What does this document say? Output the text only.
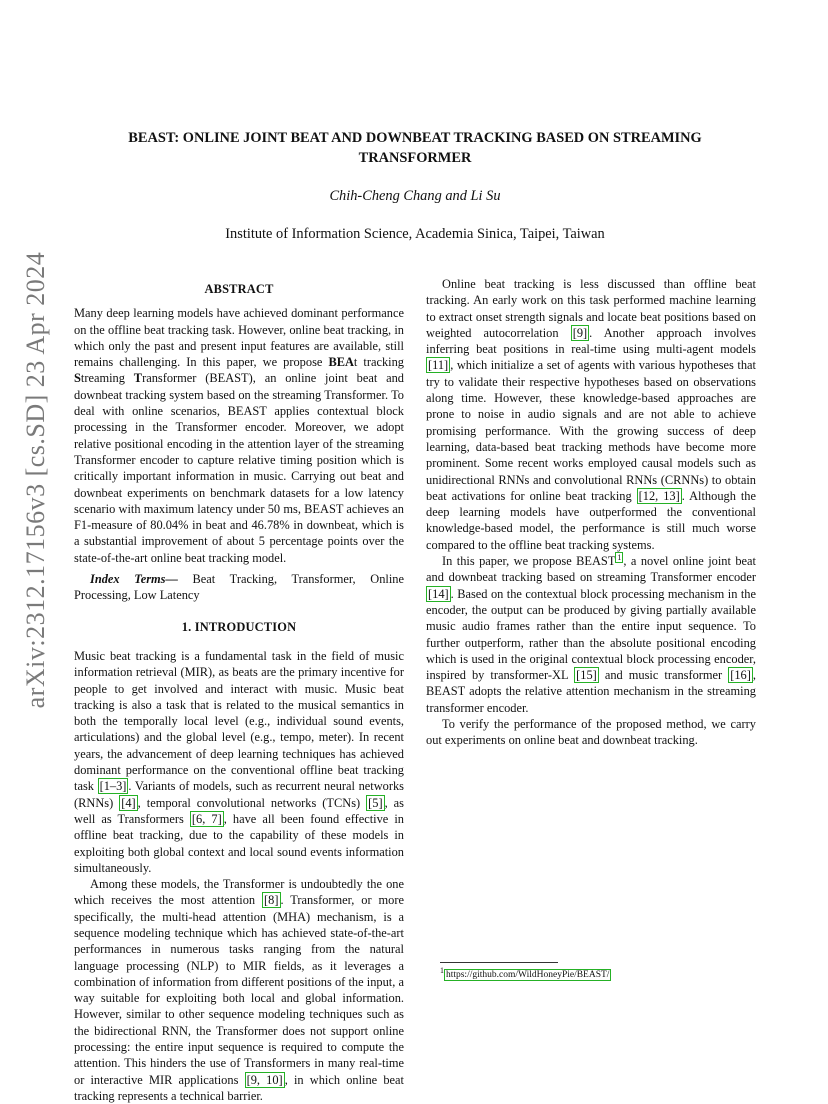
arXiv:2312.17156v3 [cs.SD] 23 Apr 2024
BEAST: ONLINE JOINT BEAT AND DOWNBEAT TRACKING BASED ON STREAMING TRANSFORMER
Chih-Cheng Chang and Li Su
Institute of Information Science, Academia Sinica, Taipei, Taiwan
ABSTRACT

Many deep learning models have achieved dominant performance on the offline beat tracking task. However, online beat tracking, in which only the past and present input features are available, still remains challenging. In this paper, we propose BEAt tracking Streaming Transformer (BEAST), an online joint beat and downbeat tracking system based on the streaming Transformer. To deal with online scenarios, BEAST applies contextual block processing in the Transformer encoder. Moreover, we adopt relative positional encoding in the attention layer of the streaming Transformer encoder to capture relative timing position which is critically important information in music. Carrying out beat and downbeat experiments on benchmark datasets for a low latency scenario with maximum latency under 50 ms, BEAST achieves an F1-measure of 80.04% in beat and 46.78% in downbeat, which is a substantial improvement of about 5 percentage points over the state-of-the-art online beat tracking model.

Index Terms— Beat Tracking, Transformer, Online Processing, Low Latency

1. INTRODUCTION

Music beat tracking is a fundamental task in the field of music information retrieval (MIR), as beats are the primary incentive for people to get involved and interact with music. Music beat tracking is also a task that is related to the musical semantics in both the temporally local level (e.g., individual sound events, articulations) and the global level (e.g., tempo, meter). In recent years, the advancement of deep learning techniques has achieved dominant performance on the conventional offline beat tracking task [1–3] . Variants of models, such as recurrent neural networks (RNNs) [4] , temporal convolutional networks (TCNs) [5] , as well as Transformers [6, 7] , have all been found effective in offline beat tracking, due to the capability of these models in exploiting both global context and local sound events information simultaneously.

Among these models, the Transformer is undoubtedly the one which receives the most attention [8] . Transformer, or more specifically, the multi-head attention (MHA) mechanism, is a sequence modeling technique which has achieved state-of-the-art performances in numerous tasks ranging from the natural language processing (NLP) to MIR fields, as it leverages a combination of information from different positions of the input, a way suitable for exploiting both local and global information. However, similar to other sequence modeling techniques such as the bidirectional RNN, the Transformer does not support online processing: the entire input sequence is required to compute the attention. This hinders the use of Transformers in many real-time or interactive MIR applications [9, 10] , in which online beat tracking represents a technical barrier.

Online beat tracking is less discussed than offline beat tracking. An early work on this task performed machine learning to extract onset strength signals and locate beat positions based on weighted autocorrelation [9] . Another approach involves inferring beat positions in real-time using multi-agent models [11] , which initialize a set of agents with various hypotheses that try to validate their respective hypotheses based on observations along time. However, these knowledge-based approaches are prone to noise in audio signals and are not able to achieve promising performance. With the growing success of deep learning, data-based beat tracking methods have become more prominent. Some recent works employed causal models such as unidirectional RNNs and convolutional RNNs (CRNNs) to obtain beat activations for online beat tracking [12, 13] . Although the deep learning models have outperformed the conventional knowledge-based model, the performance is still much worse compared to the offline beat tracking systems.

In this paper, we propose BEAST $^1$ , a novel online joint beat and downbeat tracking based on streaming Transformer encoder [14] . Based on the contextual block processing mechanism in the encoder, the output can be produced by giving partially available music audio frames rather than the entire input sequence. To further outperform, rather than the absolute positional encoding which is used in the original contextual block processing encoder, inspired by transformer-XL [15] and music transformer [16] , BEAST adopts the relative attention mechanism in the streaming transformer encoder.

To verify the performance of the proposed method, we carry out experiments on online beat and downbeat tracking.

$^1$ https://github.com/WildHoneyPie/BEAST/
